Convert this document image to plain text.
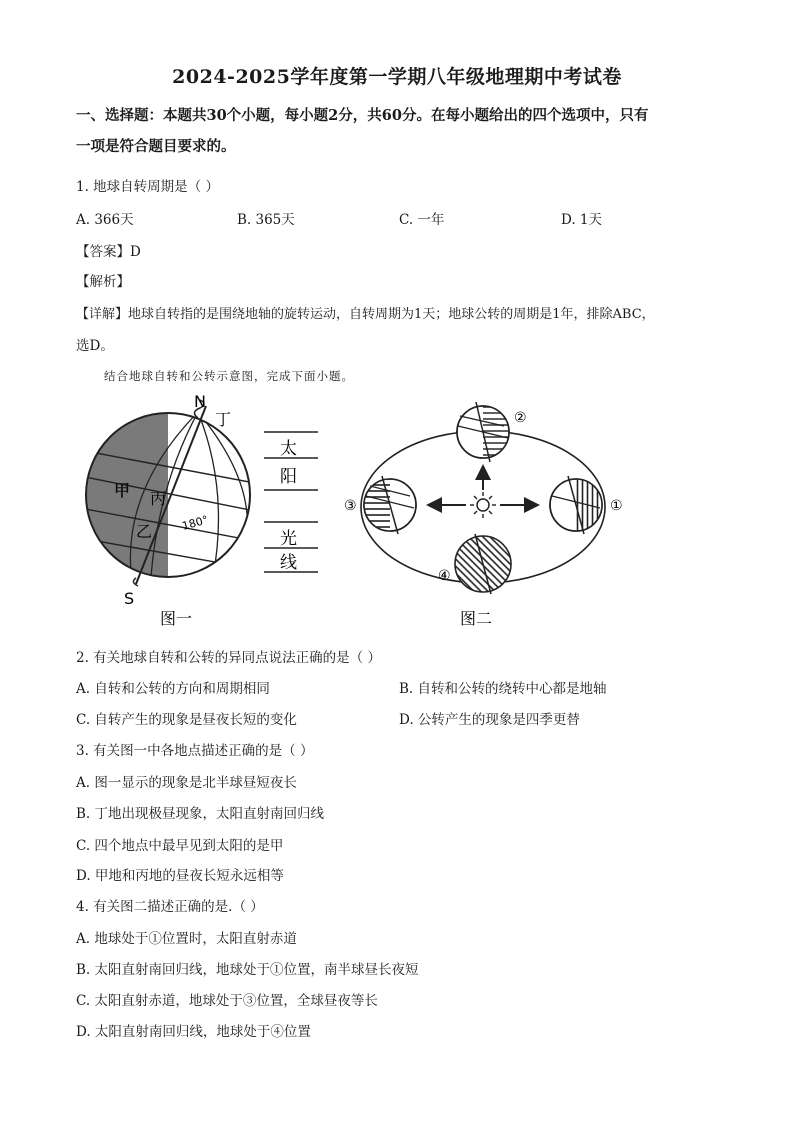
2024-2025学年度第一学期八年级地理期中考试卷
一、选择题：本题共30个小题，每小题2分，共60分。在每小题给出的四个选项中，只有
一项是符合题目要求的。
1. 地球自转周期是（ ）
A. 366天	B. 365天	C. 一年	D. 1天
【答案】D
【解析】
【详解】地球自转指的是围绕地轴的旋转运动，自转周期为1天；地球公转的周期是1年，排除ABC，
选D。
结合地球自转和公转示意图，完成下面小题。
N
丁
甲 丙
乙	180°
S
太
阳
光
线
图一
②
①
③
④
图二
2. 有关地球自转和公转的异同点说法正确的是（ ）
A. 自转和公转的方向和周期相同	B. 自转和公转的绕转中心都是地轴
C. 自转产生的现象是昼夜长短的变化	D. 公转产生的现象是四季更替
3. 有关图一中各地点描述正确的是（ ）
A. 图一显示的现象是北半球昼短夜长
B. 丁地出现极昼现象，太阳直射南回归线
C. 四个地点中最早见到太阳的是甲
D. 甲地和丙地的昼夜长短永远相等
4. 有关图二描述正确的是.（ ）
A. 地球处于①位置时，太阳直射赤道
B. 太阳直射南回归线，地球处于①位置，南半球昼长夜短
C. 太阳直射赤道，地球处于③位置，全球昼夜等长
D. 太阳直射南回归线，地球处于④位置
